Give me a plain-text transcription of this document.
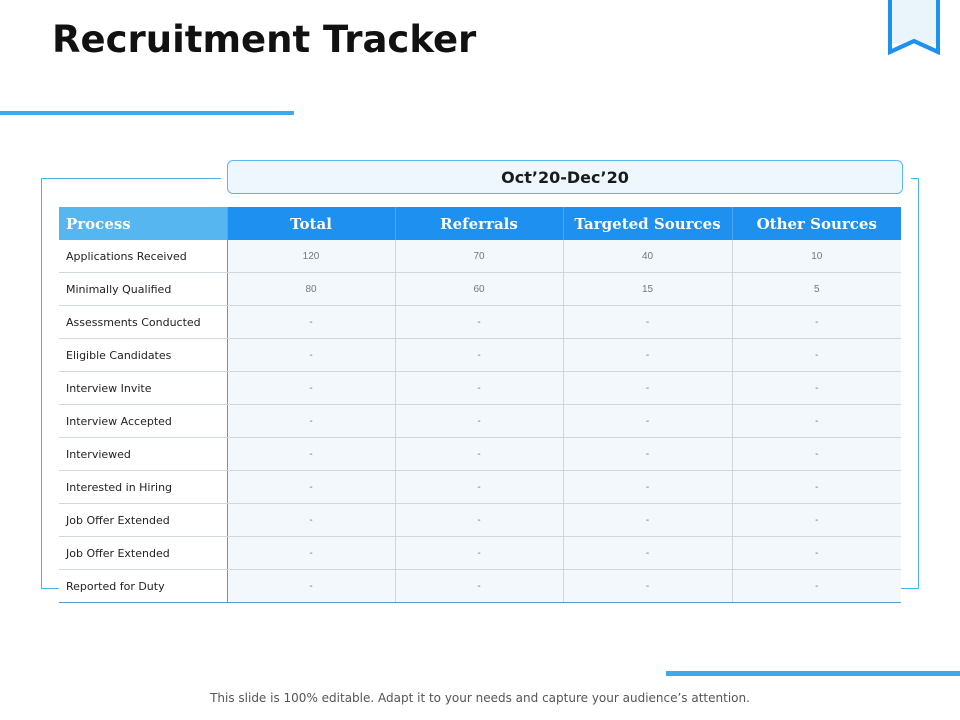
Recruitment Tracker
Oct’20-Dec’20
Process	Total	Referrals	Targeted Sources	Other Sources
Applications Received	120	70	40	10
Minimally Qualified	80	60	15	5
Assessments Conducted	-	-	-	-
Eligible Candidates	-	-	-	-
Interview Invite	-	-	-	-
Interview Accepted	-	-	-	-
Interviewed	-	-	-	-
Interested in Hiring	-	-	-	-
Job Offer Extended	-	-	-	-
Job Offer Extended	-	-	-	-
Reported for Duty	-	-	-	-
This slide is 100% editable. Adapt it to your needs and capture your audience’s attention.
